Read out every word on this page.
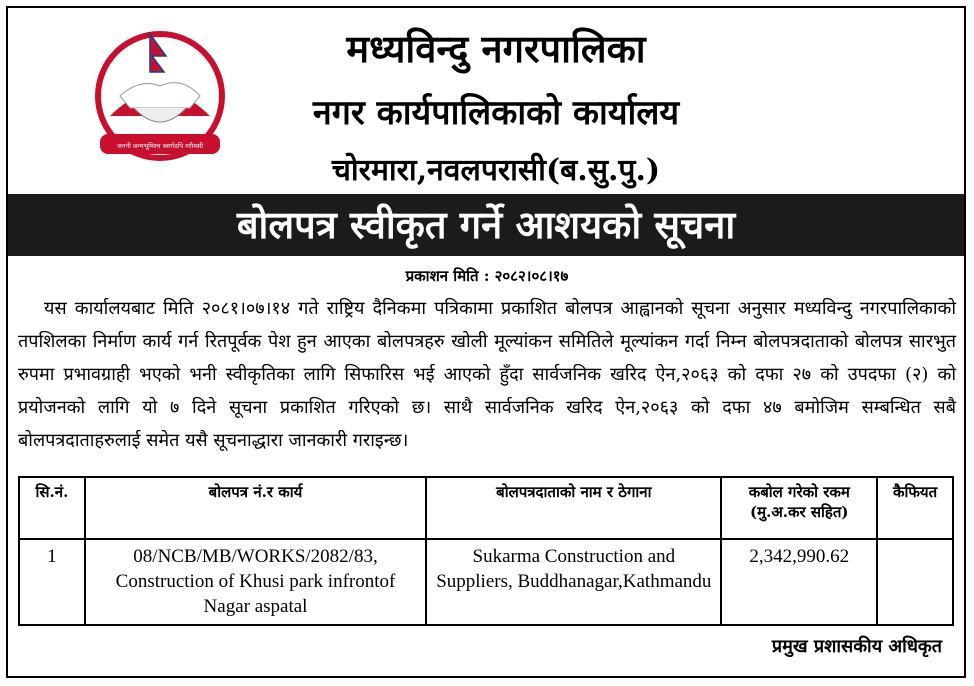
जननी जन्मभूमिश्च स्वर्गादपि गरीयसी
मध्यविन्दु नगरपालिका
नगर कार्यपालिकाको कार्यालय
चोरमारा,नवलपरासी(ब.सु.पु.)
बोलपत्र स्वीकृत गर्ने आशयको सूचना
प्रकाशन मिति : २०८२।०८।१७
यस कार्यालयबाट मिति २०८१।०७।१४ गते राष्ट्रिय दैनिकमा पत्रिकामा प्रकाशित बोलपत्र आह्वानको सूचना अनुसार मध्यविन्दु नगरपालिकाको तपशिलका निर्माण कार्य गर्न रितपूर्वक पेश हुन आएका बोलपत्रहरु खोली मूल्यांकन समितिले मूल्यांकन गर्दा निम्न बोलपत्रदाताको बोलपत्र सारभुत रुपमा प्रभावग्राही भएको भनी स्वीकृतिका लागि सिफारिस भई आएको हुँदा सार्वजनिक खरिद ऐन,२०६३ को दफा २७ को उपदफा (२) को प्रयोजनको लागि यो ७ दिने सूचना प्रकाशित गरिएको छ। साथै सार्वजनिक खरिद ऐन,२०६३ को दफा ४७ बमोजिम सम्बन्धित सबै बोलपत्रदाताहरुलाई समेत यसै सूचनाद्धारा जानकारी गराइन्छ।
सि.नं.	बोलपत्र नं.र कार्य	बोलपत्रदाताको नाम र ठेगाना	कबोल गरेको रकम (मु.अ.कर सहित)	कैफियत
1	08/NCB/MB/WORKS/2082/83, Construction of Khusi park infrontof Nagar aspatal	Sukarma Construction and Suppliers, Buddhanagar,Kathmandu	2,342,990.62	
प्रमुख प्रशासकीय अधिकृत
